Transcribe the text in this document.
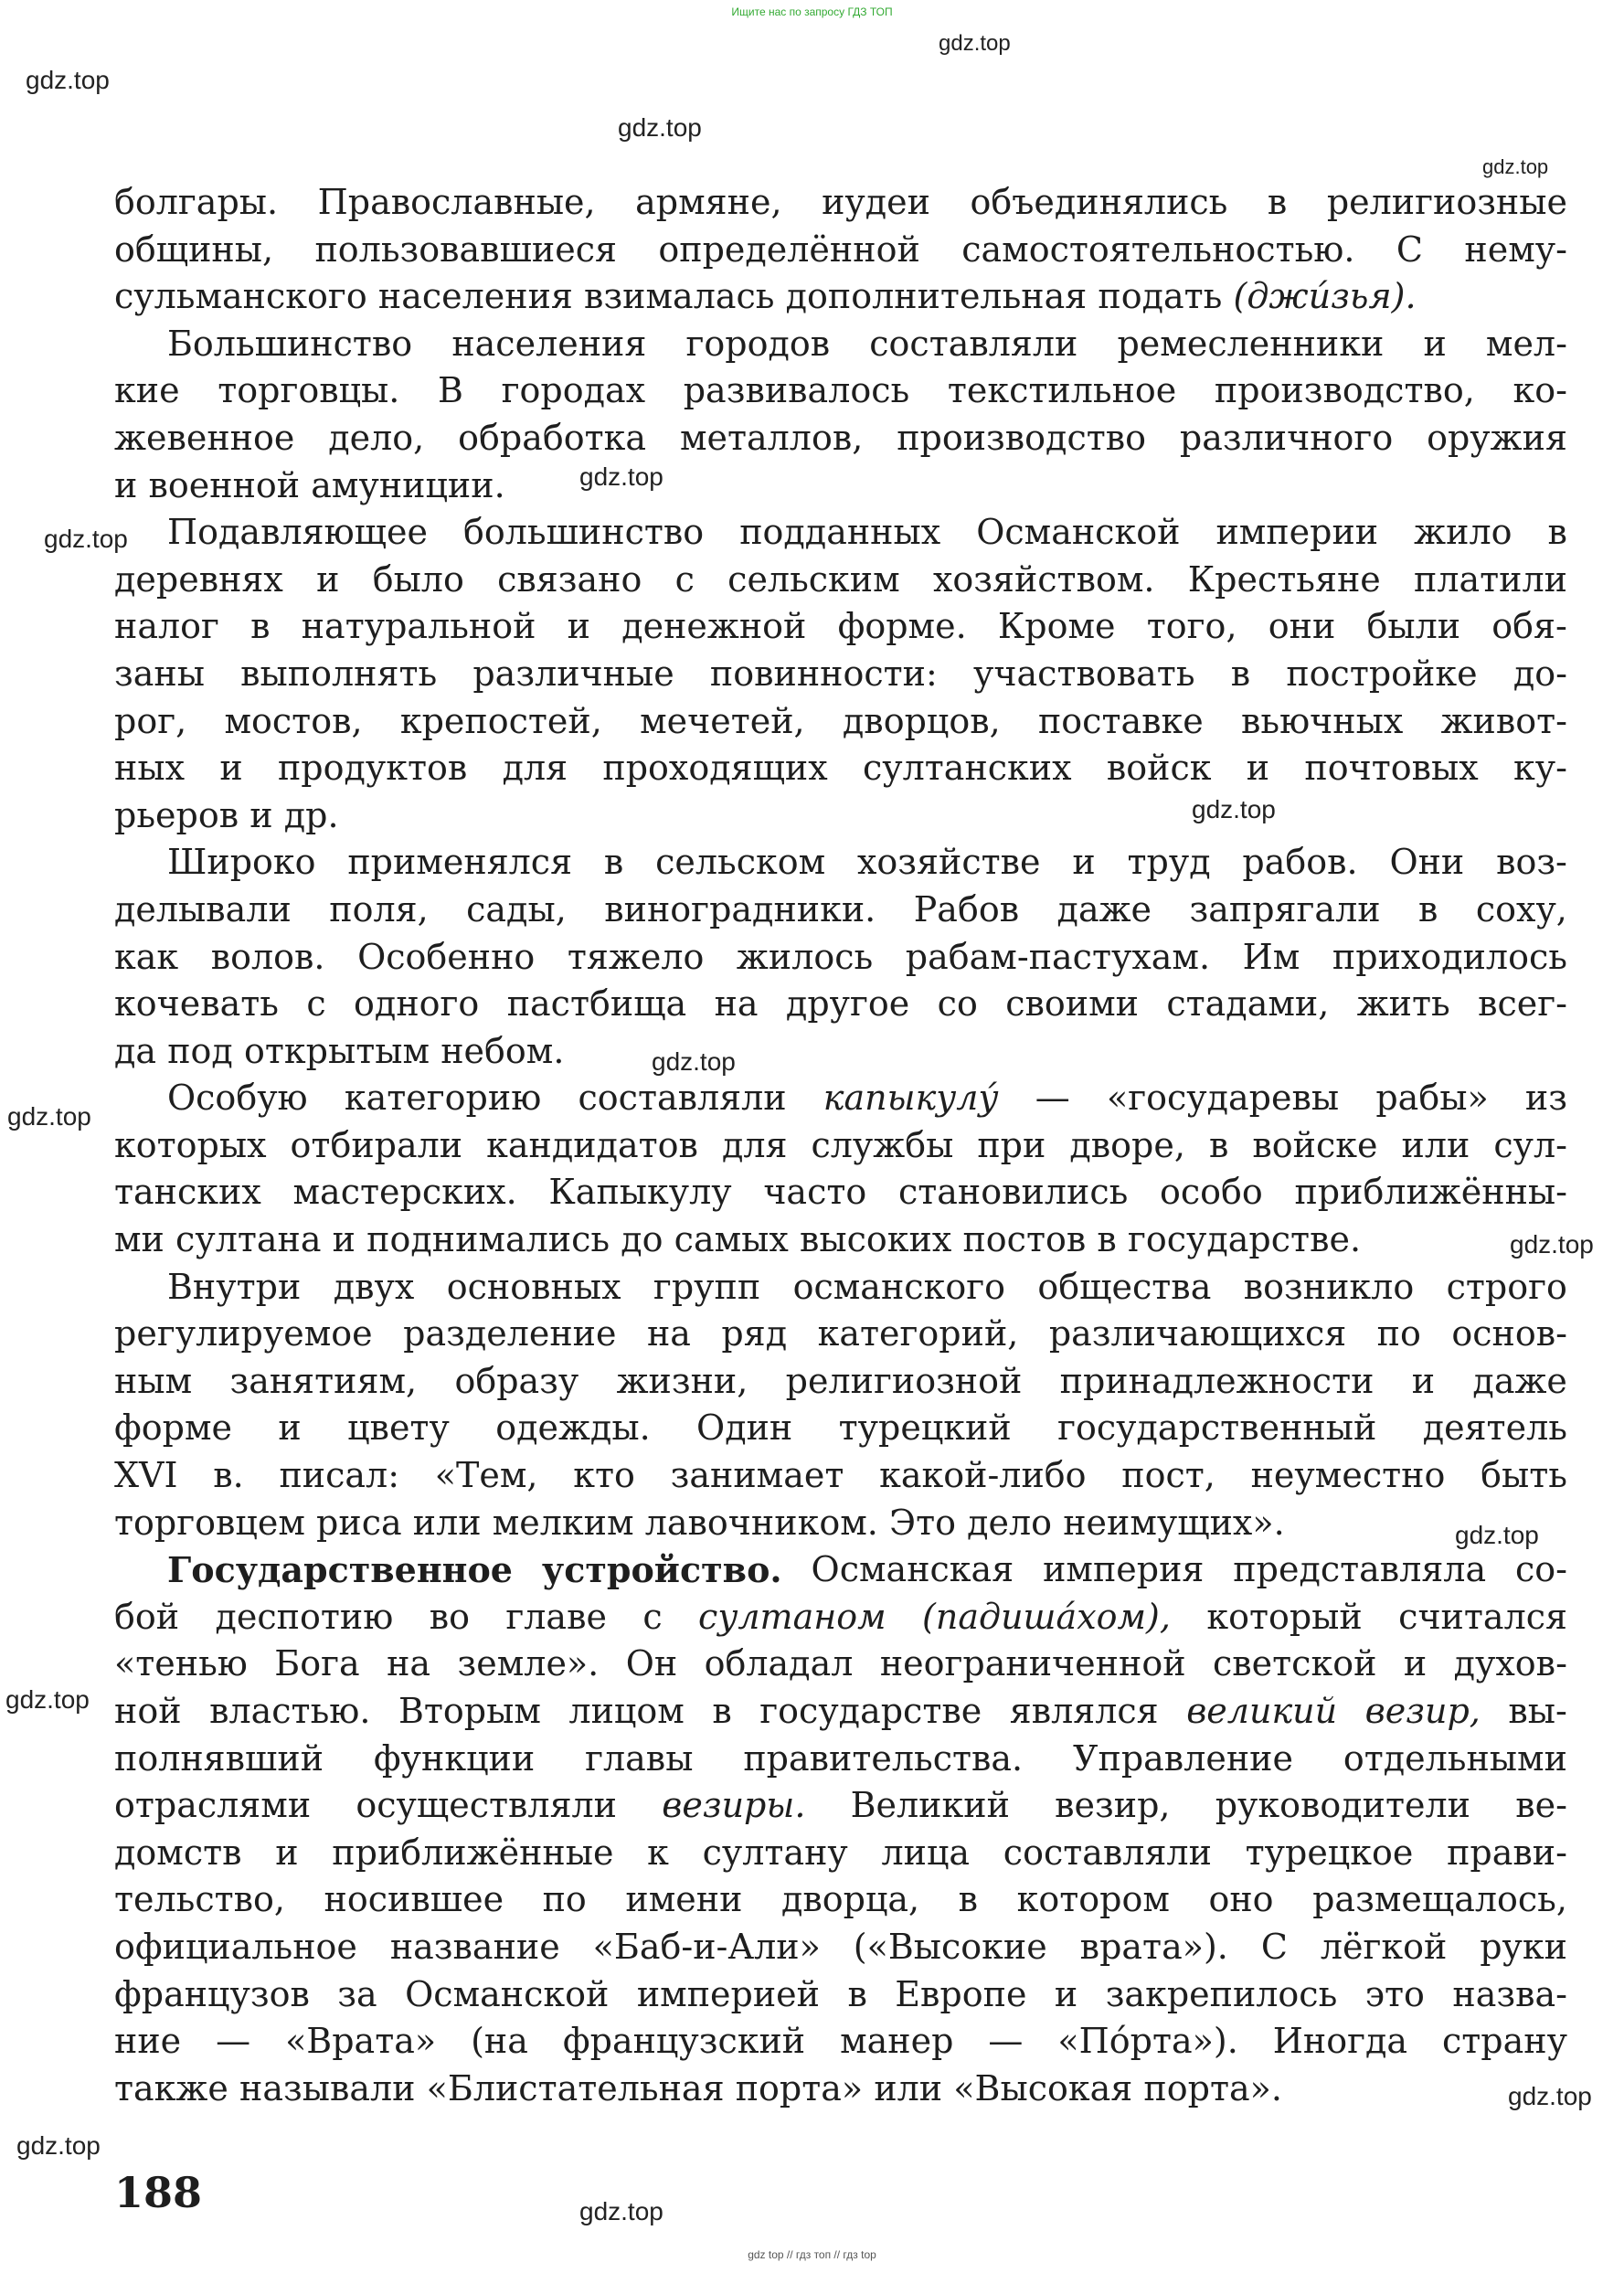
Ищите нас по запросу ГДЗ ТОП
болгары. Православные, армяне, иудеи объединялись в религиозные
общины, пользовавшиеся определённой самостоятельностью. С нему-
сульманского населения взималась дополнительная подать (джи́зья).
Большинство населения городов составляли ремесленники и мел-
кие торговцы. В городах развивалось текстильное производство, ко-
жевенное дело, обработка металлов, производство различного оружия
и военной амуниции.
Подавляющее большинство подданных Османской империи жило в
деревнях и было связано с сельским хозяйством. Крестьяне платили
налог в натуральной и денежной форме. Кроме того, они были обя-
заны выполнять различные повинности: участвовать в постройке до-
рог, мостов, крепостей, мечетей, дворцов, поставке вьючных живот-
ных и продуктов для проходящих султанских войск и почтовых ку-
рьеров и др.
Широко применялся в сельском хозяйстве и труд рабов. Они воз-
делывали поля, сады, виноградники. Рабов даже запрягали в соху,
как волов. Особенно тяжело жилось рабам-пастухам. Им приходилось
кочевать с одного пастбища на другое со своими стадами, жить всег-
да под открытым небом.
Особую категорию составляли капыкулу́ — «государевы рабы» из
которых отбирали кандидатов для службы при дворе, в войске или сул-
танских мастерских. Капыкулу часто становились особо приближённы-
ми султана и поднимались до самых высоких постов в государстве.
Внутри двух основных групп османского общества возникло строго
регулируемое разделение на ряд категорий, различающихся по основ-
ным занятиям, образу жизни, религиозной принадлежности и даже
форме и цвету одежды. Один турецкий государственный деятель
XVI в. писал: «Тем, кто занимает какой-либо пост, неуместно быть
торговцем риса или мелким лавочником. Это дело неимущих».
Государственное устройство. Османская империя представляла со-
бой деспотию во главе с султаном (падиша́хом), который считался
«тенью Бога на земле». Он обладал неограниченной светской и духов-
ной властью. Вторым лицом в государстве являлся великий везир, вы-
полнявший функции главы правительства. Управление отдельными
отраслями осуществляли везиры. Великий везир, руководители ве-
домств и приближённые к султану лица составляли турецкое прави-
тельство, носившее по имени дворца, в котором оно размещалось,
официальное название «Баб-и-Али» («Высокие врата»). С лёгкой руки
французов за Османской империей в Европе и закрепилось это назва-
ние — «Врата» (на французский манер — «По́рта»). Иногда страну
также называли «Блистательная порта» или «Высокая порта».
188
gdz top // гдз топ // гдз top
gdz.top
gdz.top
gdz.top
gdz.top
gdz.top
gdz.top
gdz.top
gdz.top
gdz.top
gdz.top
gdz.top
gdz.top
gdz.top
gdz.top
gdz.top
